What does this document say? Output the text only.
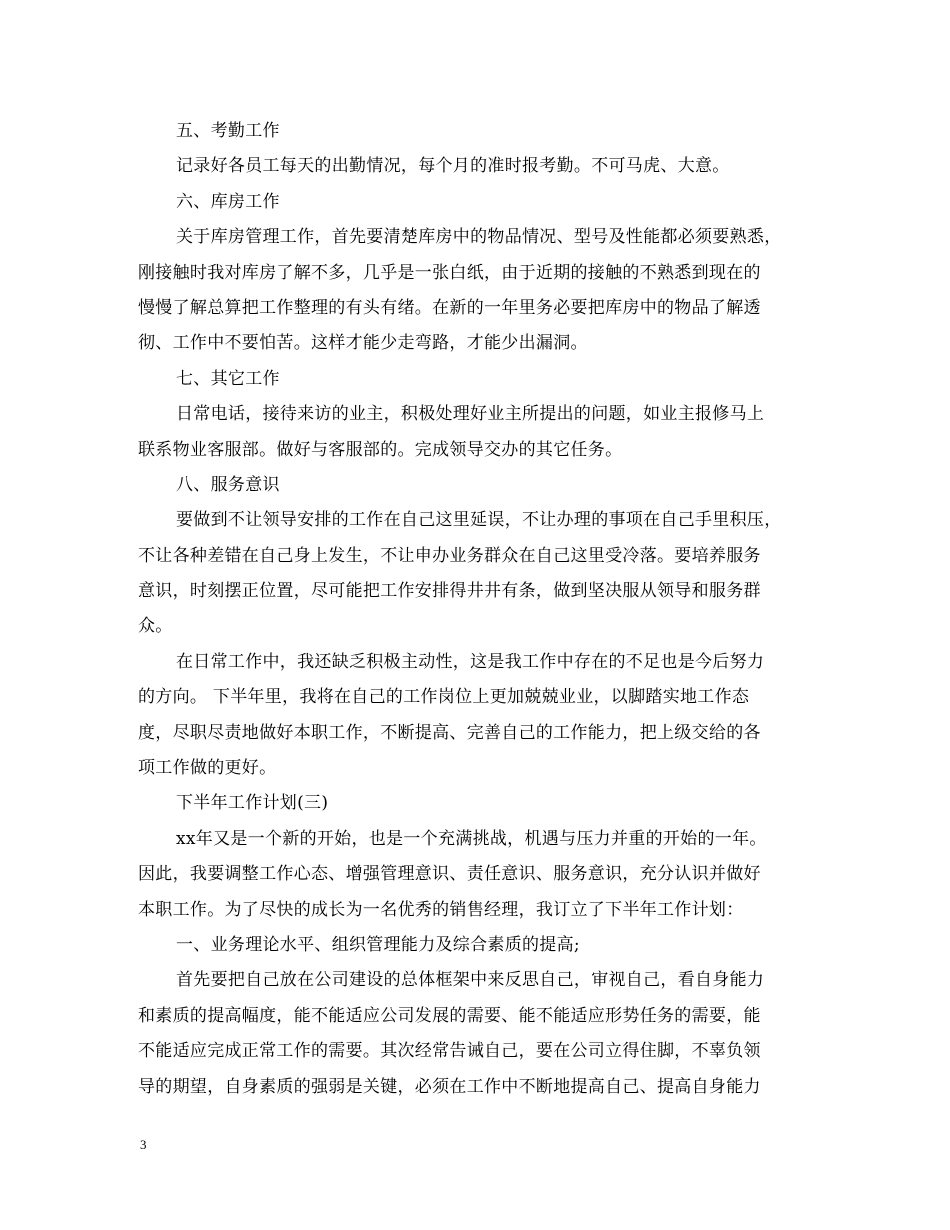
五、考勤工作
记录好各员工每天的出勤情况，每个月的准时报考勤。不可马虎、大意。
六、库房工作
关于库房管理工作，首先要清楚库房中的物品情况、型号及性能都必须要熟悉，
刚接触时我对库房了解不多，几乎是一张白纸，由于近期的接触的不熟悉到现在的
慢慢了解总算把工作整理的有头有绪。在新的一年里务必要把库房中的物品了解透
彻、工作中不要怕苦。这样才能少走弯路，才能少出漏洞。
七、其它工作
日常电话，接待来访的业主，积极处理好业主所提出的问题，如业主报修马上
联系物业客服部。做好与客服部的。完成领导交办的其它任务。
八、服务意识
要做到不让领导安排的工作在自己这里延误，不让办理的事项在自己手里积压，
不让各种差错在自己身上发生，不让申办业务群众在自己这里受冷落。要培养服务
意识，时刻摆正位置，尽可能把工作安排得井井有条，做到坚决服从领导和服务群
众。
在日常工作中，我还缺乏积极主动性，这是我工作中存在的不足也是今后努力
的方向。 下半年里，我将在自己的工作岗位上更加兢兢业业，以脚踏实地工作态
度，尽职尽责地做好本职工作，不断提高、完善自己的工作能力，把上级交给的各
项工作做的更好。
下半年工作计划(三)
xx年又是一个新的开始，也是一个充满挑战，机遇与压力并重的开始的一年。
因此，我要调整工作心态、增强管理意识、责任意识、服务意识，充分认识并做好
本职工作。为了尽快的成长为一名优秀的销售经理，我订立了下半年工作计划：
一、业务理论水平、组织管理能力及综合素质的提高;
首先要把自己放在公司建设的总体框架中来反思自己，审视自己，看自身能力
和素质的提高幅度，能不能适应公司发展的需要、能不能适应形势任务的需要，能
不能适应完成正常工作的需要。其次经常告诫自己，要在公司立得住脚，不辜负领
导的期望，自身素质的强弱是关键，必须在工作中不断地提高自己、提高自身能力
3
